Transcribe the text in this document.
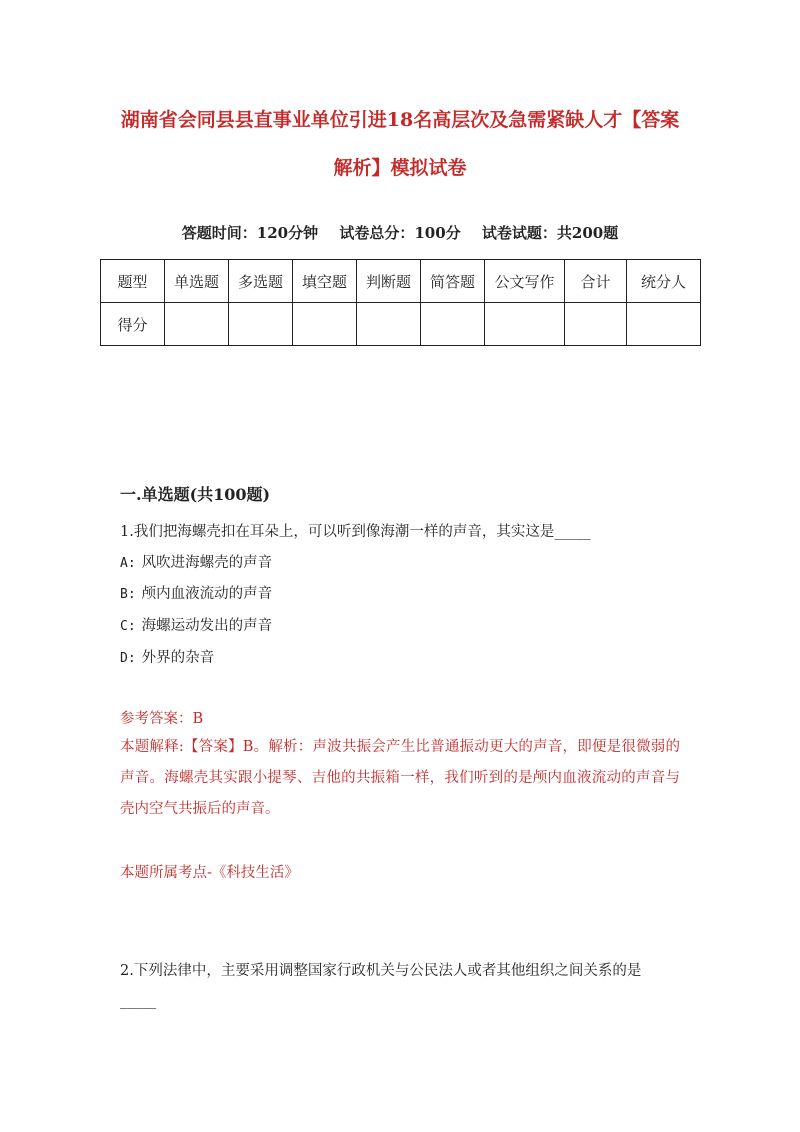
湖南省会同县县直事业单位引进18名高层次及急需紧缺人才【答案
解析】模拟试卷
答题时间：120分钟 试卷总分：100分 试卷试题：共200题
题型	单选题	多选题	填空题	判断题	简答题	公文写作	合计	统分人
得分								
一.单选题(共100题)
1.我们把海螺壳扣在耳朵上，可以听到像海潮一样的声音，其实这是_____
A: 风吹进海螺壳的声音
B: 颅内血液流动的声音
C: 海螺运动发出的声音
D: 外界的杂音
参考答案：B
本题解释:【答案】B。解析：声波共振会产生比普通振动更大的声音，即便是很微弱的声音。海螺壳其实跟小提琴、吉他的共振箱一样，我们听到的是颅内血液流动的声音与壳内空气共振后的声音。
本题所属考点-《科技生活》
2.下列法律中，主要采用调整国家行政机关与公民法人或者其他组织之间关系的是_____
